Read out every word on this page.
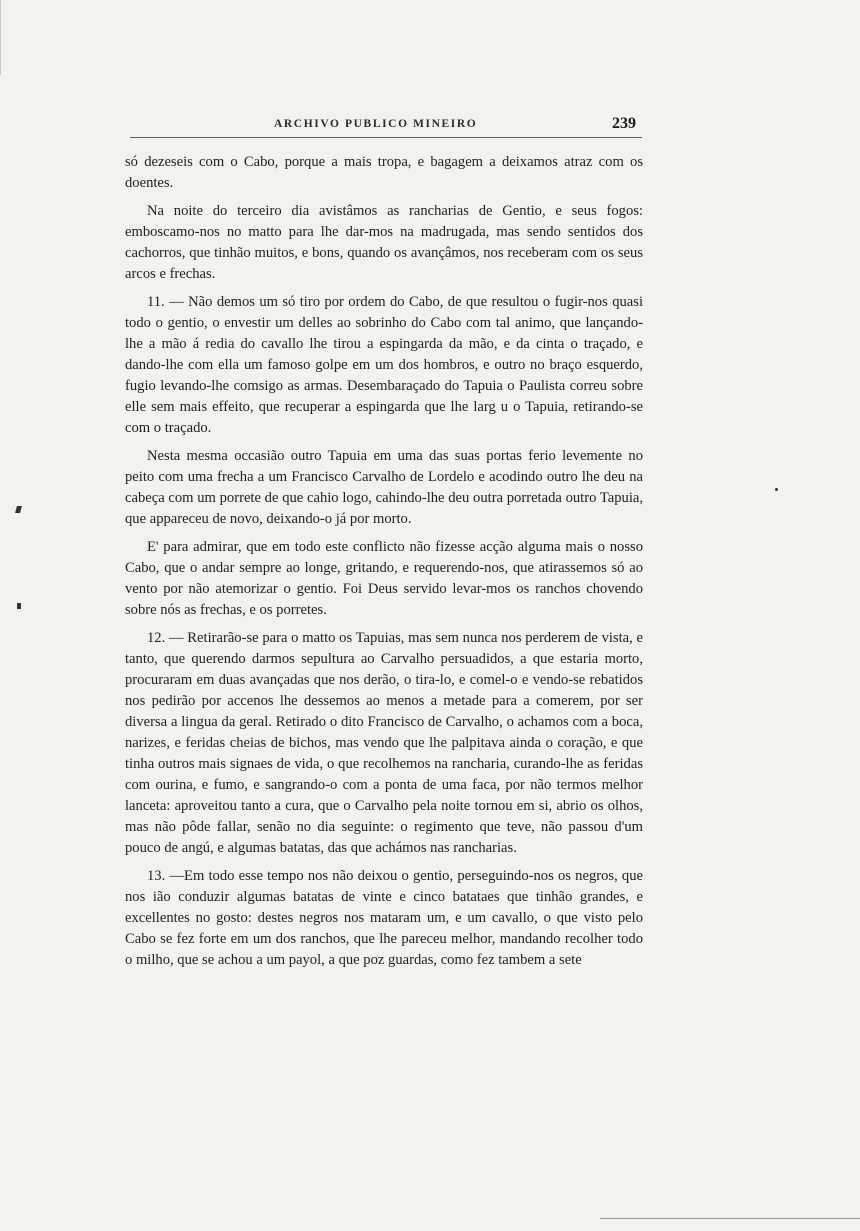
ARCHIVO PUBLICO MINEIRO	239

só dezeseis com o Cabo, porque a mais tropa, e bagagem a deixamos atraz com os doentes.

Na noite do terceiro dia avistâmos as rancharias de Gentio, e seus fogos: emboscamo-nos no matto para lhe dar-mos na madrugada, mas sendo sentidos dos cachorros, que tinhão muitos, e bons, quando os avançâmos, nos receberam com os seus arcos e frechas.

11. — Não demos um só tiro por ordem do Cabo, de que resultou o fugir-nos quasi todo o gentio, o envestir um delles ao sobrinho do Cabo com tal animo, que lançando-lhe a mão á redia do cavallo lhe tirou a espingarda da mão, e da cinta o traçado, e dando-lhe com ella um famoso golpe em um dos hombros, e outro no braço esquerdo, fugio levando-lhe comsigo as armas. Desembaraçado do Tapuia o Paulista correu sobre elle sem mais effeito, que recuperar a espingarda que lhe larg u o Tapuia, retirando-se com o traçado.

Nesta mesma occasião outro Tapuia em uma das suas portas ferio levemente no peito com uma frecha a um Francisco Carvalho de Lordelo e acodindo outro lhe deu na cabeça com um porrete de que cahio logo, cahindo-lhe deu outra porretada outro Tapuia, que appareceu de novo, deixando-o já por morto.

E' para admirar, que em todo este conflicto não fizesse acção alguma mais o nosso Cabo, que o andar sempre ao longe, gritando, e requerendo-nos, que atirassemos só ao vento por não atemorizar o gentio. Foi Deus servido levar-mos os ranchos chovendo sobre nós as frechas, e os porretes.

12. — Retirarão-se para o matto os Tapuias, mas sem nunca nos perderem de vista, e tanto, que querendo darmos sepultura ao Carvalho persuadidos, a que estaria morto, procuraram em duas avançadas que nos derão, o tira-lo, e comel-o e vendo-se rebatidos nos pedirão por accenos lhe dessemos ao menos a metade para a comerem, por ser diversa a lingua da geral. Retirado o dito Francisco de Carvalho, o achamos com a boca, narizes, e feridas cheias de bichos, mas vendo que lhe palpitava ainda o coração, e que tinha outros mais signaes de vida, o que recolhemos na rancharia, curando-lhe as feridas com ourina, e fumo, e sangrando-o com a ponta de uma faca, por não termos melhor lanceta: aproveitou tanto a cura, que o Carvalho pela noite tornou em si, abrio os olhos, mas não pôde fallar, senão no dia seguinte: o regimento que teve, não passou d'um pouco de angú, e algumas batatas, das que achámos nas rancharias.

13. —Em todo esse tempo nos não deixou o gentio, perseguindo-nos os negros, que nos ião conduzir algumas batatas de vinte e cinco batataes que tinhão grandes, e excellentes no gosto: destes negros nos mataram um, e um cavallo, o que visto pelo Cabo se fez forte em um dos ranchos, que lhe pareceu melhor, mandando recolher todo o milho, que se achou a um payol, a que poz guardas, como fez tambem a sete
